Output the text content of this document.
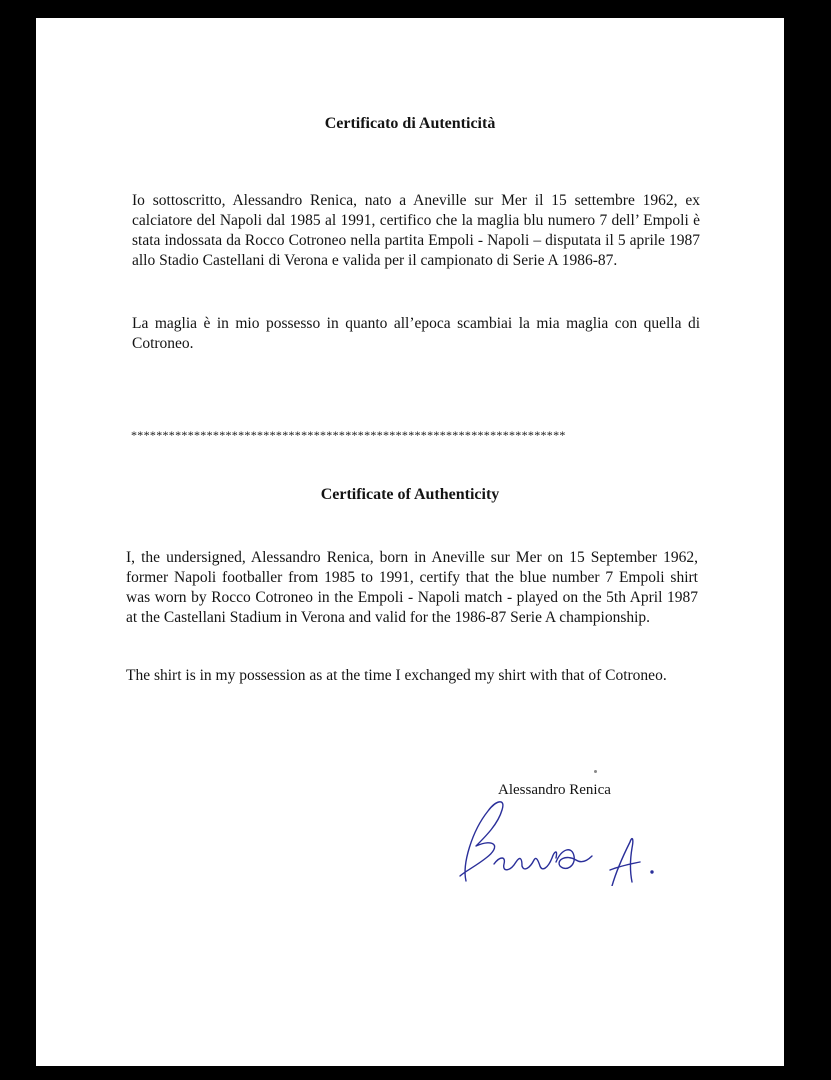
Certificato di Autenticità

Io sottoscritto, Alessandro Renica, nato a Aneville sur Mer il 15 settembre 1962, ex calciatore del Napoli dal 1985 al 1991, certifico che la maglia blu numero 7 dell’ Empoli è stata indossata da Rocco Cotroneo nella partita Empoli - Napoli – disputata il 5 aprile 1987 allo Stadio Castellani di Verona e valida per il campionato di Serie A 1986-87.

La maglia è in mio possesso in quanto all’epoca scambiai la mia maglia con quella di Cotroneo.

*********************************************************************
Certificate of Authenticity

I, the undersigned, Alessandro Renica, born in Aneville sur Mer on 15 September 1962, former Napoli footballer from 1985 to 1991, certify that the blue number 7 Empoli shirt was worn by Rocco Cotroneo in the Empoli - Napoli match - played on the 5th April 1987 at the Castellani Stadium in Verona and valid for the 1986-87 Serie A championship.

The shirt is in my possession as at the time I exchanged my shirt with that of Cotroneo.

Alessandro Renica
